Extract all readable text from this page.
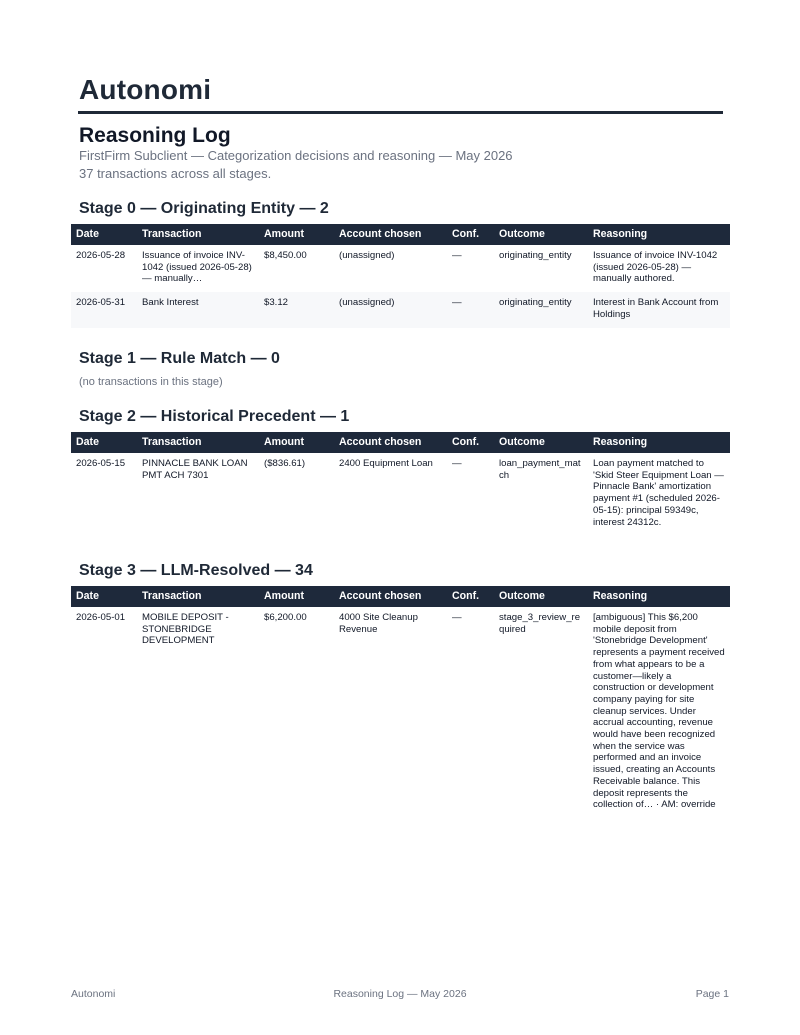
Autonomi
Reasoning Log
FirstFirm Subclient — Categorization decisions and reasoning — May 2026
37 transactions across all stages.
Stage 0 — Originating Entity — 2
Date	Transaction	Amount	Account chosen	Conf.	Outcome	Reasoning
2026-05-28	Issuance of invoice INV-1042 (issued 2026-05-28) — manually…	$8,450.00	(unassigned)	—	originating_entity	Issuance of invoice INV-1042 (issued 2026-05-28) — manually authored.
2026-05-31	Bank Interest	$3.12	(unassigned)	—	originating_entity	Interest in Bank Account from Holdings
Stage 1 — Rule Match — 0
(no transactions in this stage)
Stage 2 — Historical Precedent — 1
Date	Transaction	Amount	Account chosen	Conf.	Outcome	Reasoning
2026-05-15	PINNACLE BANK LOAN PMT ACH 7301	($836.61)	2400 Equipment Loan	—	loan_payment_match	Loan payment matched to 'Skid Steer Equipment Loan — Pinnacle Bank' amortization payment #1 (scheduled 2026-05-15): principal 59349c, interest 24312c.
Stage 3 — LLM-Resolved — 34
Date	Transaction	Amount	Account chosen	Conf.	Outcome	Reasoning
2026-05-01	MOBILE DEPOSIT - STONEBRIDGE DEVELOPMENT	$6,200.00	4000 Site Cleanup Revenue	—	stage_3_review_required	[ambiguous] This $6,200 mobile deposit from 'Stonebridge Development' represents a payment received from what appears to be a customer—likely a construction or development company paying for site cleanup services. Under accrual accounting, revenue would have been recognized when the service was performed and an invoice issued, creating an Accounts Receivable balance. This deposit represents the collection of… · AM: override
Autonomi	Reasoning Log — May 2026	Page 1
